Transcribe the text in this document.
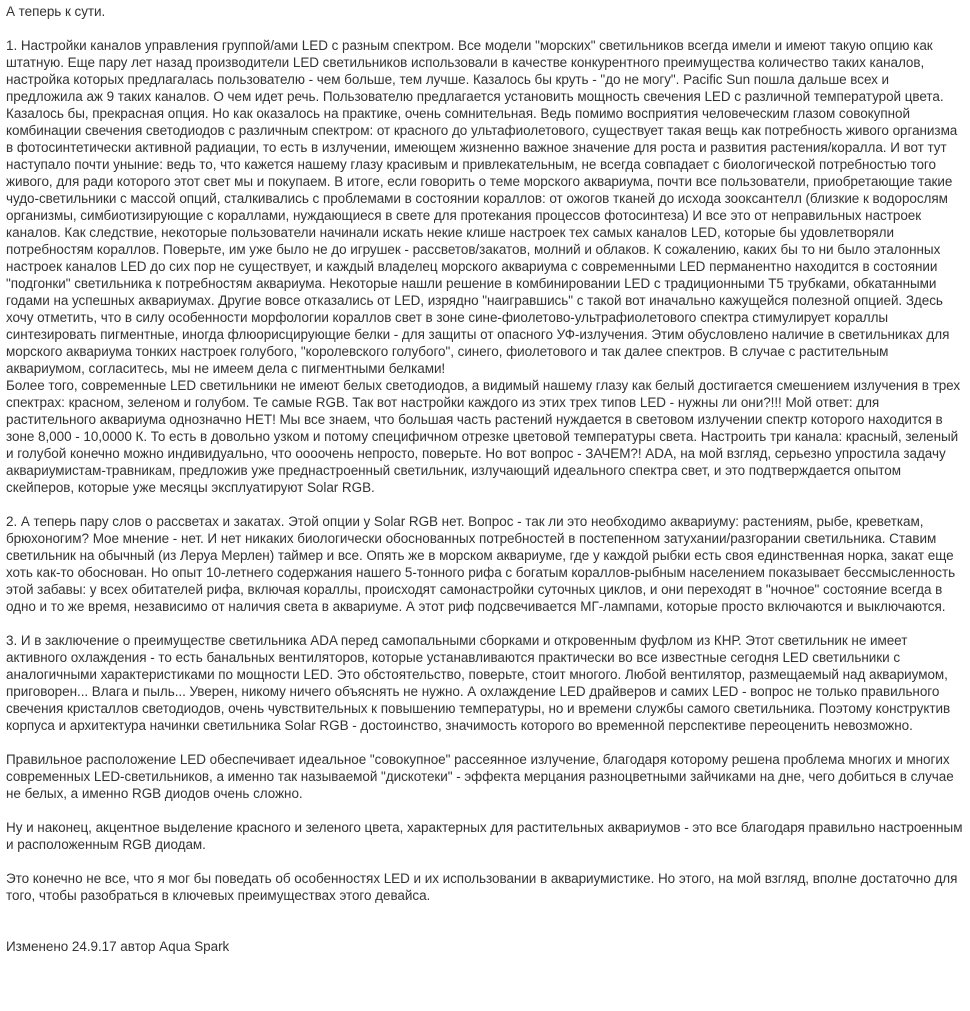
А теперь к сути.
1. Настройки каналов управления группой/ами LED с разным спектром. Все модели "морских" светильников всегда имели и имеют такую опцию как штатную. Еще пару лет назад производители LED светильников использовали в качестве конкурентного преимущества количество таких каналов, настройка которых предлагалась пользователю - чем больше, тем лучше. Казалось бы круть - "до не могу". Pacific Sun пошла дальше всех и предложила аж 9 таких каналов. О чем идет речь. Пользователю предлагается установить мощность свечения LED с различной температурой цвета. Казалось бы, прекрасная опция. Но как оказалось на практике, очень сомнительная. Ведь помимо восприятия человеческим глазом совокупной комбинации свечения светодиодов с различным спектром: от красного до ультафиолетового, существует такая вещь как потребность живого организма в фотосинтетически активной радиации, то есть в излучении, имеющем жизненно важное значение для роста и развития растения/коралла. И вот тут наступало почти уныние: ведь то, что кажется нашему глазу красивым и привлекательным, не всегда совпадает с биологической потребностью того живого, для ради которого этот свет мы и покупаем. В итоге, если говорить о теме морского аквариума, почти все пользователи, приобретающие такие чудо-светильники с массой опций, сталкивались с проблемами в состоянии кораллов: от ожогов тканей до исхода зооксантелл (близкие к водорослям организмы, симбиотизирующие с кораллами, нуждающиеся в свете для протекания процессов фотосинтеза) И все это от неправильных настроек каналов. Как следствие, некоторые пользователи начинали искать некие клише настроек тех самых каналов LED, которые бы удовлетворяли потребностям кораллов. Поверьте, им уже было не до игрушек - рассветов/закатов, молний и облаков. К сожалению, каких бы то ни было эталонных настроек каналов LED до сих пор не существует, и каждый владелец морского аквариума с современными LED перманентно находится в состоянии "подгонки" светильника к потребностям аквариума. Некоторые нашли решение в комбинировании LED с традиционными Т5 трубками, обкатанными годами на успешных аквариумах. Другие вовсе отказались от LED, изрядно "наигравшись" с такой вот иначально кажущейся полезной опцией. Здесь хочу отметить, что в силу особенности морфологии кораллов свет в зоне сине-фиолетово-ультрафиолетового спектра стимулирует кораллы синтезировать пигментные, иногда флюорисцирующие белки - для защиты от опасного УФ-излучения. Этим обусловлено наличие в светильниках для морского аквариума тонких настроек голубого, "королевского голубого", синего, фиолетового и так далее спектров. В случае с растительным аквариумом, согласитесь, мы не имеем дела с пигментными белками!
Более того, современные LED светильники не имеют белых светодиодов, а видимый нашему глазу как белый достигается смешением излучения в трех спектрах: красном, зеленом и голубом. Те самые RGB. Так вот настройки каждого из этих трех типов LED - нужны ли они?!!! Мой ответ: для растительного аквариума однозначно НЕТ! Мы все знаем, что большая часть растений нуждается в световом излучении спектр которого находится в зоне 8,000 - 10,0000 К. То есть в довольно узком и потому специфичном отрезке цветовой температуры света. Настроить три канала: красный, зеленый и голубой конечно можно индивидуально, что оооочень непросто, поверьте. Но вот вопрос - ЗАЧЕМ?! ADA, на мой взгляд, серьезно упростила задачу аквариумистам-травникам, предложив уже преднастроенный светильник, излучающий идеального спектра свет, и это подтверждается опытом скейперов, которые уже месяцы эксплуатируют Solar RGB.
2. А теперь пару слов о рассветах и закатах. Этой опции у Solar RGB нет. Вопрос - так ли это необходимо аквариуму: растениям, рыбе, креветкам, брюхоногим? Мое мнение - нет. И нет никаких биологически обоснованных потребностей в постепенном затухании/разгорании светильника. Ставим светильник на обычный (из Леруа Мерлен) таймер и все. Опять же в морском аквариуме, где у каждой рыбки есть своя единственная норка, закат еще хоть как-то обоснован. Но опыт 10-летнего содержания нашего 5-тонного рифа с богатым кораллов-рыбным населением показывает бессмысленность этой забавы: у всех обитателей рифа, включая кораллы, происходят самонастройки суточных циклов, и они переходят в "ночное" состояние всегда в одно и то же время, независимо от наличия света в аквариуме. А этот риф подсвечивается МГ-лампами, которые просто включаются и выключаются.
3. И в заключение о преимуществе светильника ADA перед самопальными сборками и откровенным фуфлом из КНР. Этот светильник не имеет активного охлаждения - то есть банальных вентиляторов, которые устанавливаются практически во все известные сегодня LED светильники с аналогичными характеристиками по мощности LED. Это обстоятельство, поверьте, стоит многого. Любой вентилятор, размещаемый над аквариумом, приговорен... Влага и пыль... Уверен, никому ничего объяснять не нужно. А охлаждение LED драйверов и самих LED - вопрос не только правильного свечения кристаллов светодиодов, очень чувствительных к повышению температуры, но и времени службы самого светильника. Поэтому конструктив корпуса и архитектура начинки светильника Solar RGB - достоинство, значимость которого во временной перспективе переоценить невозможно.
Правильное расположение LED обеспечивает идеальное "совокупное" рассеянное излучение, благодаря которому решена проблема многих и многих современных LED-светильников, а именно так называемой "дискотеки" - эффекта мерцания разноцветными зайчиками на дне, чего добиться в случае не белых, а именно RGB диодов очень сложно.
Ну и наконец, акцентное выделение красного и зеленого цвета, характерных для растительных аквариумов - это все благодаря правильно настроенным и расположенным RGB диодам.
Это конечно не все, что я мог бы поведать об особенностях LED и их использовании в аквариумистике. Но этого, на мой взгляд, вполне достаточно для того, чтобы разобраться в ключевых преимуществах этого девайса.
Изменено 24.9.17 автор Aqua Spark
